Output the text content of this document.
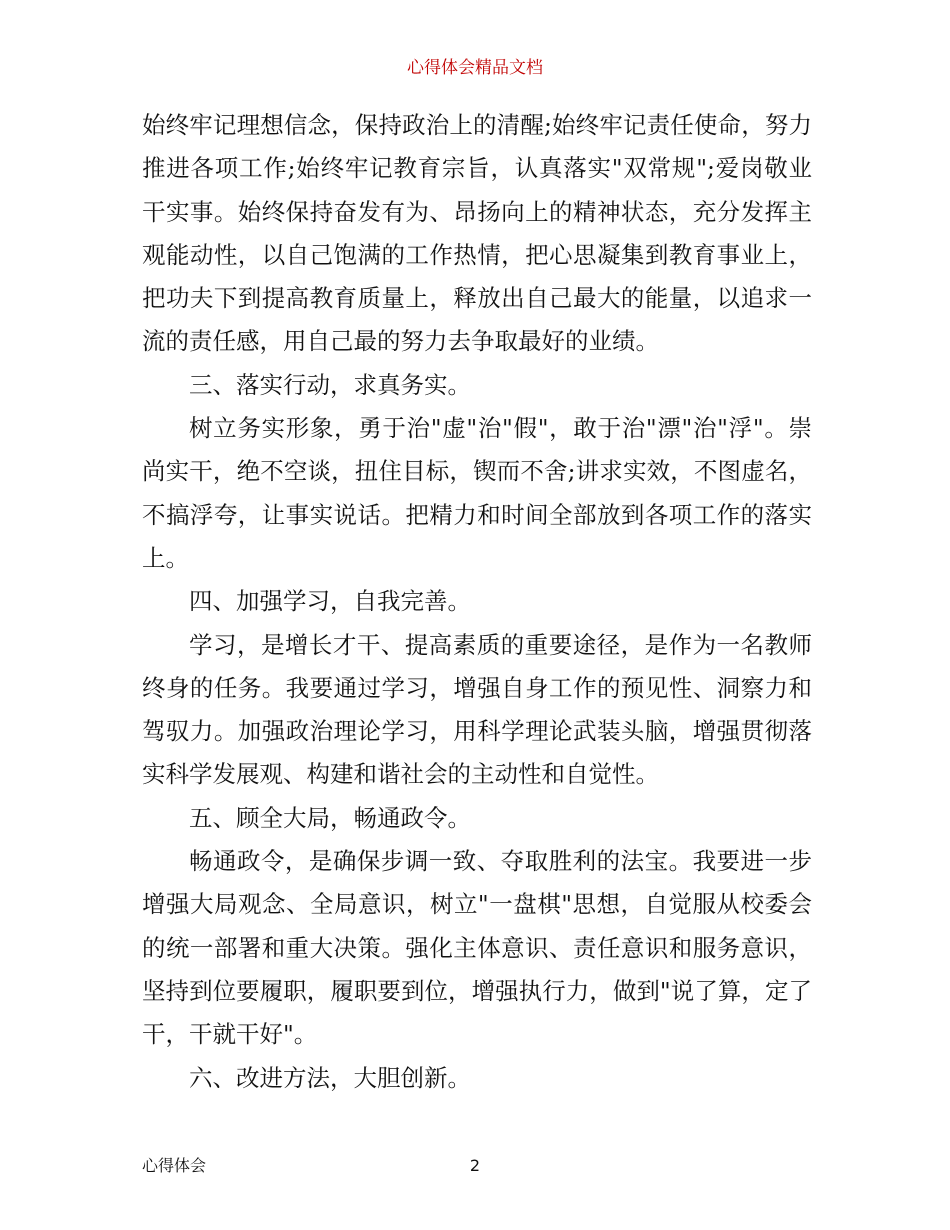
心得体会精品文档

始终牢记理想信念，保持政治上的清醒;始终牢记责任使命，努力推进各项工作;始终牢记教育宗旨，认真落实"双常规";爱岗敬业干实事。始终保持奋发有为、昂扬向上的精神状态，充分发挥主观能动性，以自己饱满的工作热情，把心思凝集到教育事业上，把功夫下到提高教育质量上，释放出自己最大的能量，以追求一流的责任感，用自己最的努力去争取最好的业绩。

三、落实行动，求真务实。

树立务实形象，勇于治"虚"治"假"，敢于治"漂"治"浮"。崇尚实干，绝不空谈，扭住目标，锲而不舍;讲求实效，不图虚名，不搞浮夸，让事实说话。把精力和时间全部放到各项工作的落实上。

四、加强学习，自我完善。

学习，是增长才干、提高素质的重要途径，是作为一名教师终身的任务。我要通过学习，增强自身工作的预见性、洞察力和驾驭力。加强政治理论学习，用科学理论武装头脑，增强贯彻落实科学发展观、构建和谐社会的主动性和自觉性。

五、顾全大局，畅通政令。

畅通政令，是确保步调一致、夺取胜利的法宝。我要进一步增强大局观念、全局意识，树立"一盘棋"思想，自觉服从校委会的统一部署和重大决策。强化主体意识、责任意识和服务意识，坚持到位要履职，履职要到位，增强执行力，做到"说了算，定了干，干就干好"。

六、改进方法，大胆创新。

心得体会	2
